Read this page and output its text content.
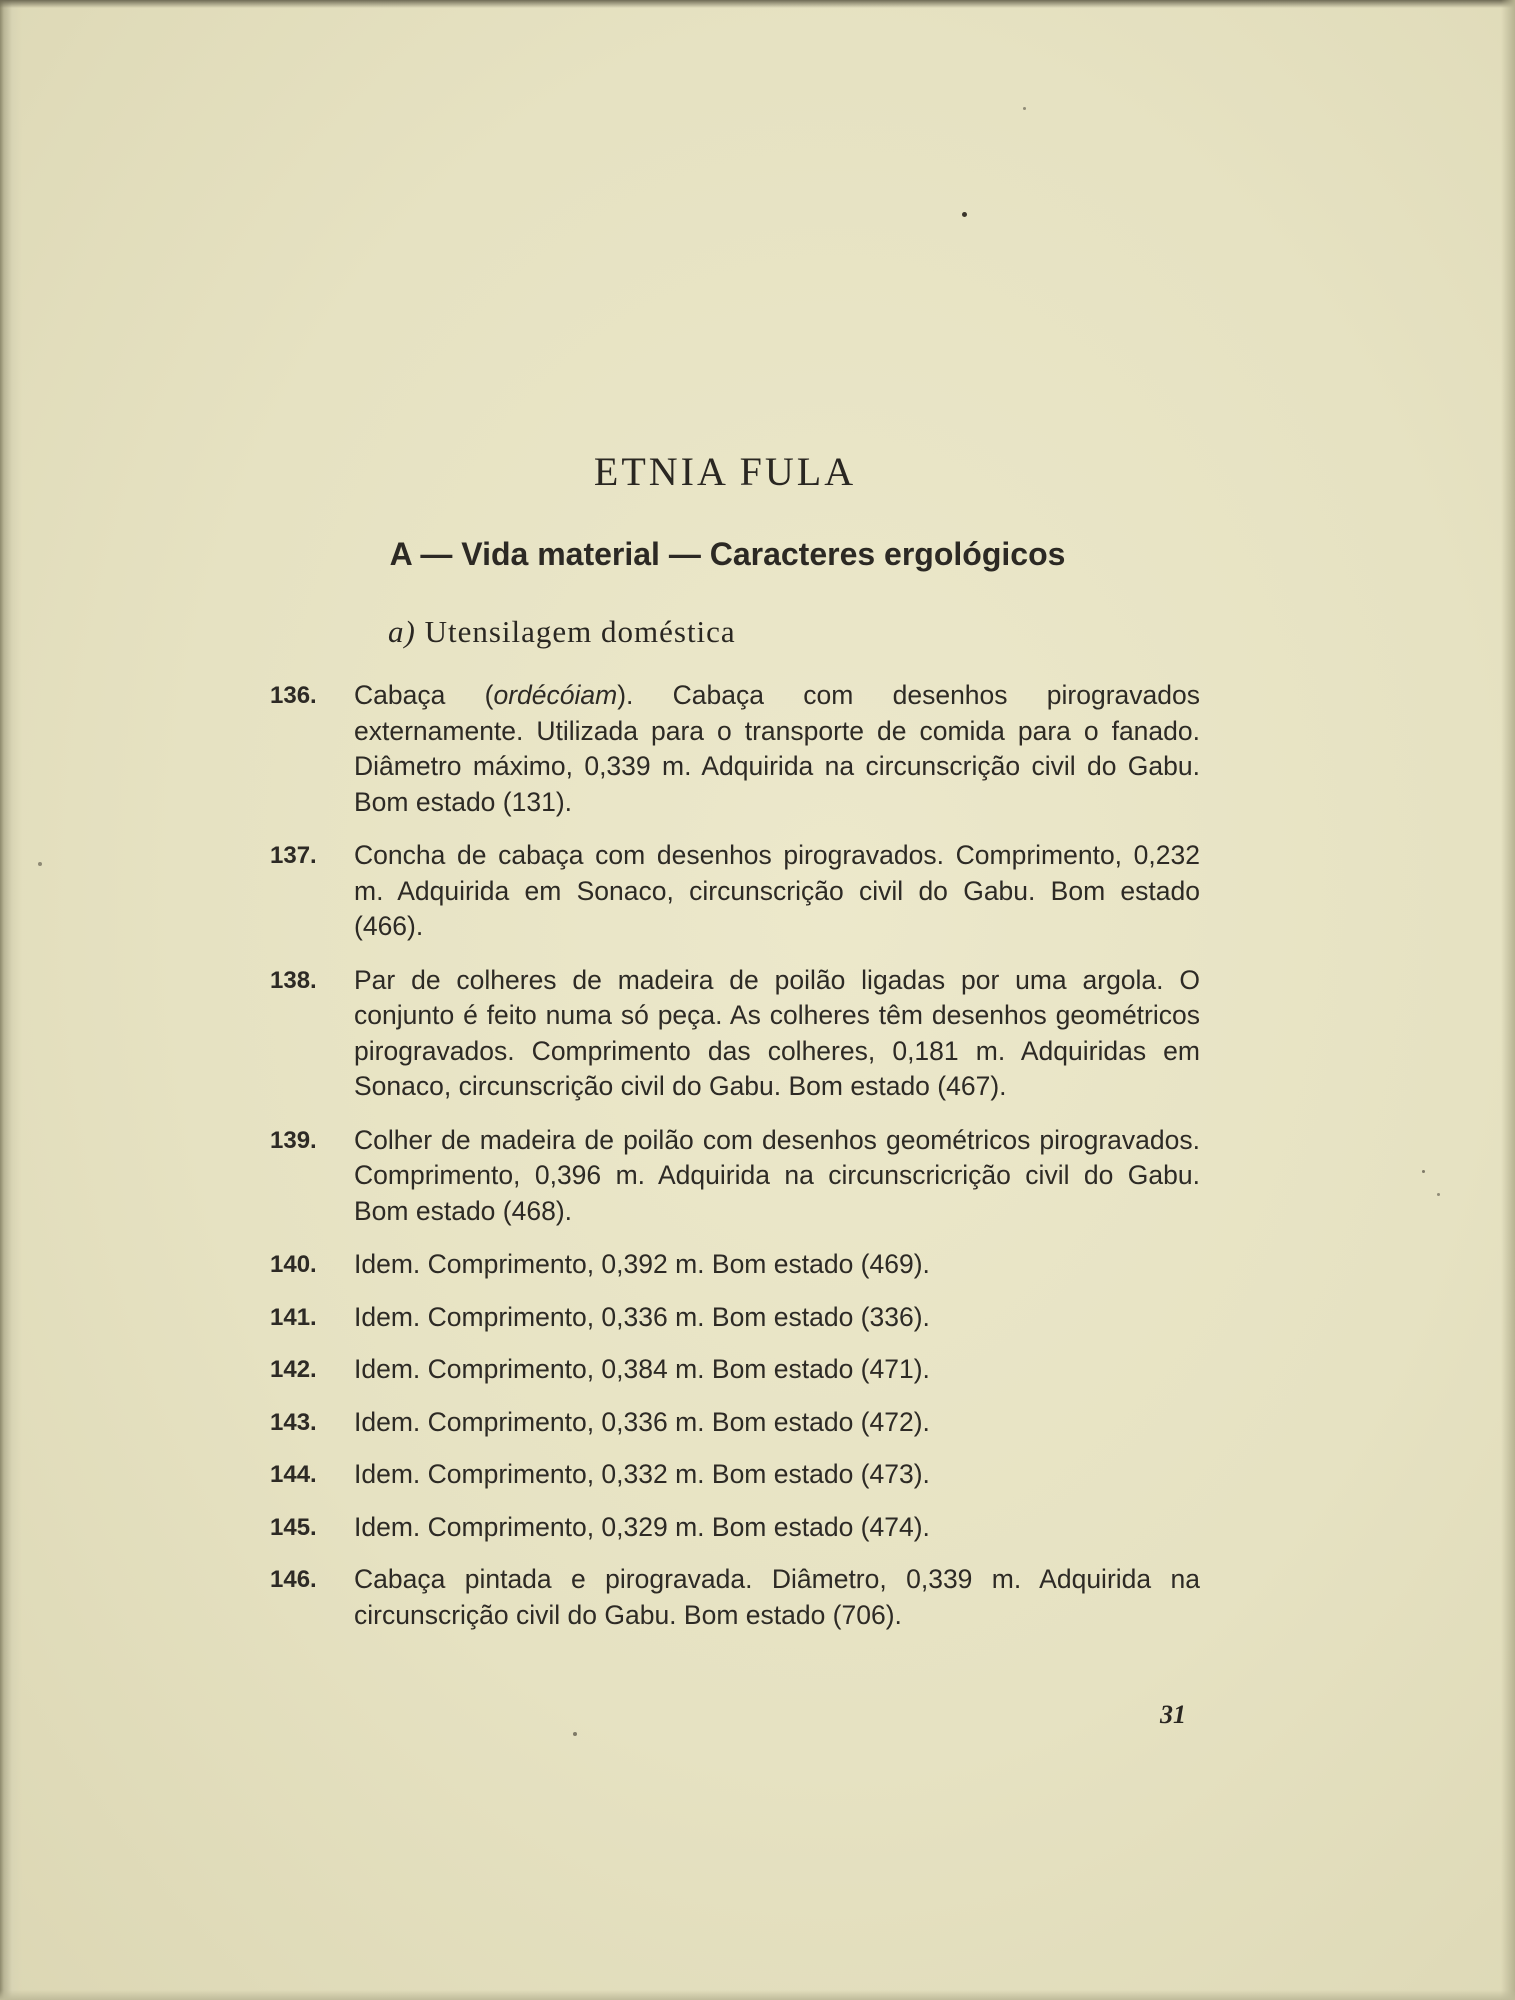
ETNIA FULA
A — Vida material — Caracteres ergológicos
a) Utensilagem doméstica
136. Cabaça (ordécóiam). Cabaça com desenhos pirogravados externamente. Utilizada para o transporte de comida para o fanado. Diâmetro máximo, 0,339 m. Adquirida na circunscrição civil do Gabu. Bom estado (131).
137. Concha de cabaça com desenhos pirogravados. Comprimento, 0,232 m. Adquirida em Sonaco, circunscrição civil do Gabu. Bom estado (466).
138. Par de colheres de madeira de poilão ligadas por uma argola. O conjunto é feito numa só peça. As colheres têm desenhos geométricos pirogravados. Comprimento das colheres, 0,181 m. Adquiridas em Sonaco, circunscrição civil do Gabu. Bom estado (467).
139. Colher de madeira de poilão com desenhos geométricos pirogravados. Comprimento, 0,396 m. Adquirida na circunscricrição civil do Gabu. Bom estado (468).
140. Idem. Comprimento, 0,392 m. Bom estado (469).
141. Idem. Comprimento, 0,336 m. Bom estado (336).
142. Idem. Comprimento, 0,384 m. Bom estado (471).
143. Idem. Comprimento, 0,336 m. Bom estado (472).
144. Idem. Comprimento, 0,332 m. Bom estado (473).
145. Idem. Comprimento, 0,329 m. Bom estado (474).
146. Cabaça pintada e pirogravada. Diâmetro, 0,339 m. Adquirida na circunscrição civil do Gabu. Bom estado (706).

31
